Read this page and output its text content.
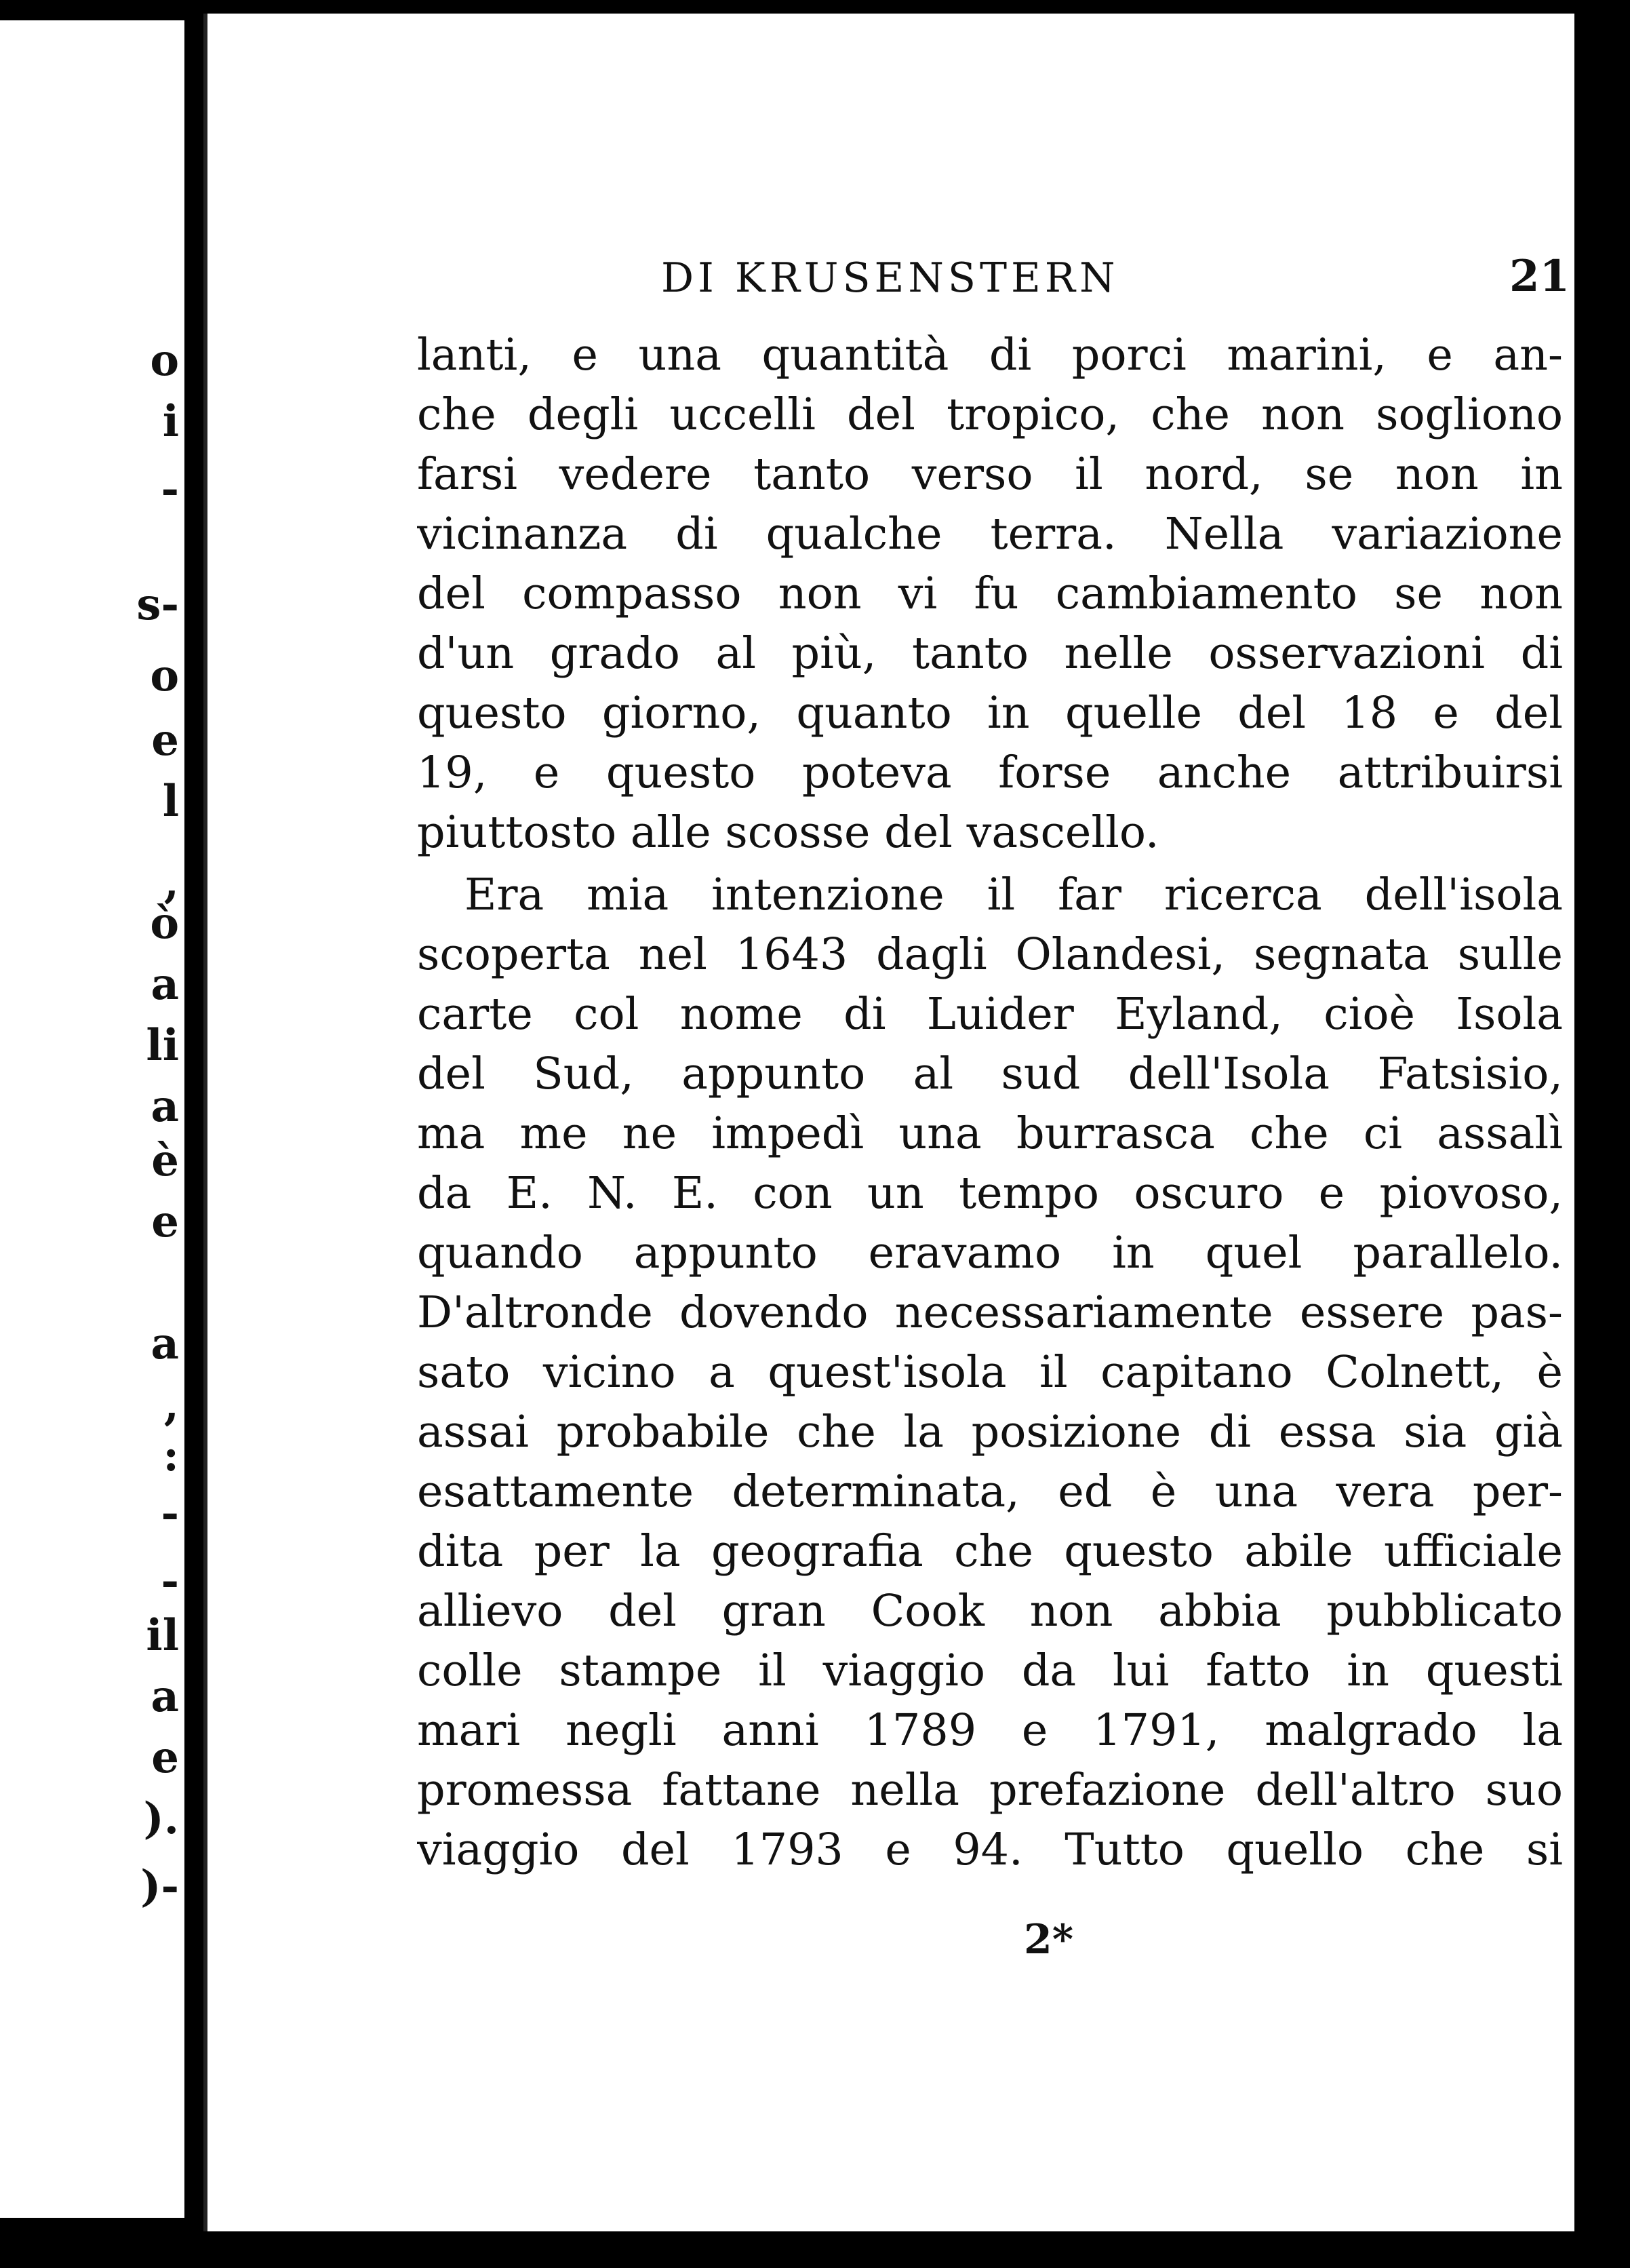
o
i
-
s-
o
e
l
,
ò
a
li
a
è
e
a
,
:
-
-
il
a
e
).
)-
DI KRUSENSTERN	21
lanti, e una quantità di porci marini, e an-
che degli uccelli del tropico, che non sogliono
farsi vedere tanto verso il nord, se non in
vicinanza di qualche terra. Nella variazione
del compasso non vi fu cambiamento se non
d'un grado al più, tanto nelle osservazioni di
questo giorno, quanto in quelle del 18 e del
19, e questo poteva forse anche attribuirsi
piuttosto alle scosse del vascello.
Era mia intenzione il far ricerca dell'isola
scoperta nel 1643 dagli Olandesi, segnata sulle
carte col nome di Luider Eyland, cioè Isola
del Sud, appunto al sud dell'Isola Fatsisio,
ma me ne impedì una burrasca che ci assalì
da E. N. E. con un tempo oscuro e piovoso,
quando appunto eravamo in quel parallelo.
D'altronde dovendo necessariamente essere pas-
sato vicino a quest'isola il capitano Colnett, è
assai probabile che la posizione di essa sia già
esattamente determinata, ed è una vera per-
dita per la geografia che questo abile ufficiale
allievo del gran Cook non abbia pubblicato
colle stampe il viaggio da lui fatto in questi
mari negli anni 1789 e 1791, malgrado la
promessa fattane nella prefazione dell'altro suo
viaggio del 1793 e 94. Tutto quello che si
2*
